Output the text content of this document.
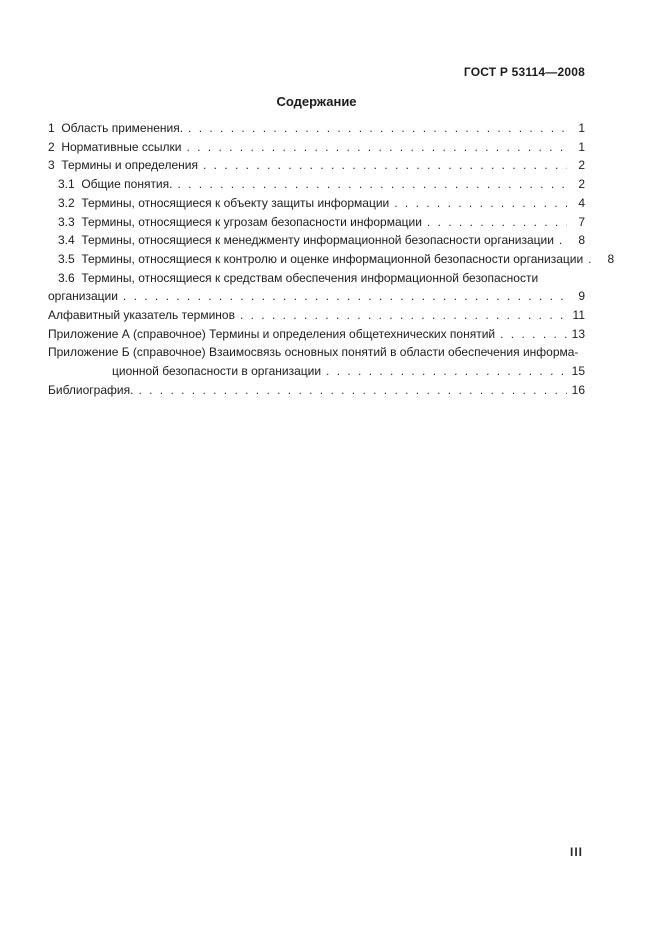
ГОСТ Р 53114—2008
Содержание
1  Область применения. . . .	1
2  Нормативные ссылки . . .	1
3  Термины и определения . . .	2
3.1  Общие понятия. . . .	2
3.2  Термины, относящиеся к объекту защиты информации . . .	4
3.3  Термины, относящиеся к угрозам безопасности информации . . .	7
3.4  Термины, относящиеся к менеджменту информационной безопасности организации . . .	8
3.5  Термины, относящиеся к контролю и оценке информационной безопасности организации . . .	8
3.6  Термины, относящиеся к средствам обеспечения информационной безопасности
организации . . .	9
Алфавитный указатель терминов . . .	11
Приложение А (справочное) Термины и определения общетехнических понятий . . .	13
Приложение Б (справочное) Взаимосвязь основных понятий в области обеспечения информа-
ционной безопасности в организации . . .	15
Библиография. . . .	16
III
